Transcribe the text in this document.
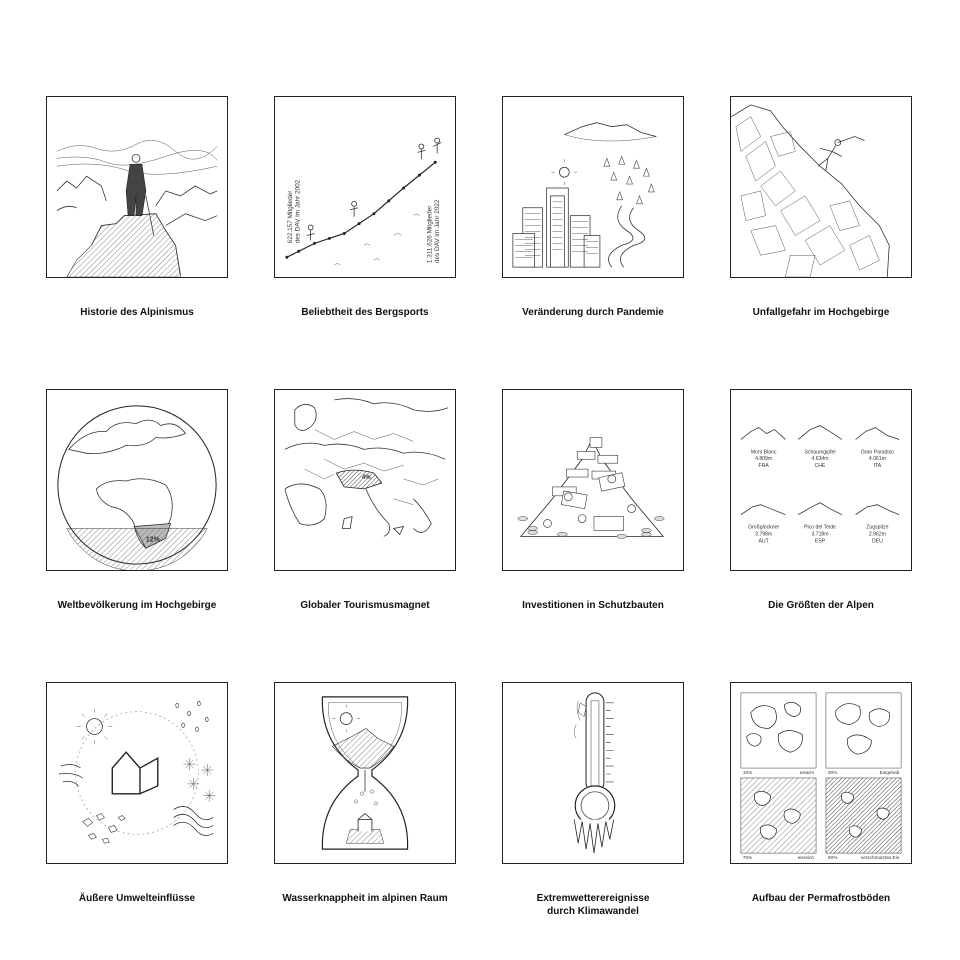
Historie des Alpinismus
622.157 Mitglieder des DAV im Jahr 2002	1.311.626 Mitglieder des DAV im Jahr 2022
Beliebtheit des Bergsports	Veränderung durch Pandemie	Unfallgefahr im Hochgebirge
12%
Weltbevölkerung im Hochgebirge
4%
Globaler Tourismusmagnet	Investitionen in Schutzbauten
Mont Blanc
4.809m
FRA
Schaumgipfel
4.634m
CHE
Gran Paradiso
4.061m
ITA
Großglockner
3.798m
AUT
Pico del Teide
3.718m
ESP
Zugspitze
2.962m
DEU
Die Größten der Alpen
Äußere Umwelteinflüsse	Wasserknappheit im alpinen Raum	Extremwetterereignisse
durch Klimawandel
10%	eisarm	30%	Eisgehalt
70%	eisreich	90%	verschmutztes Eis
Aufbau der Permafrostböden
